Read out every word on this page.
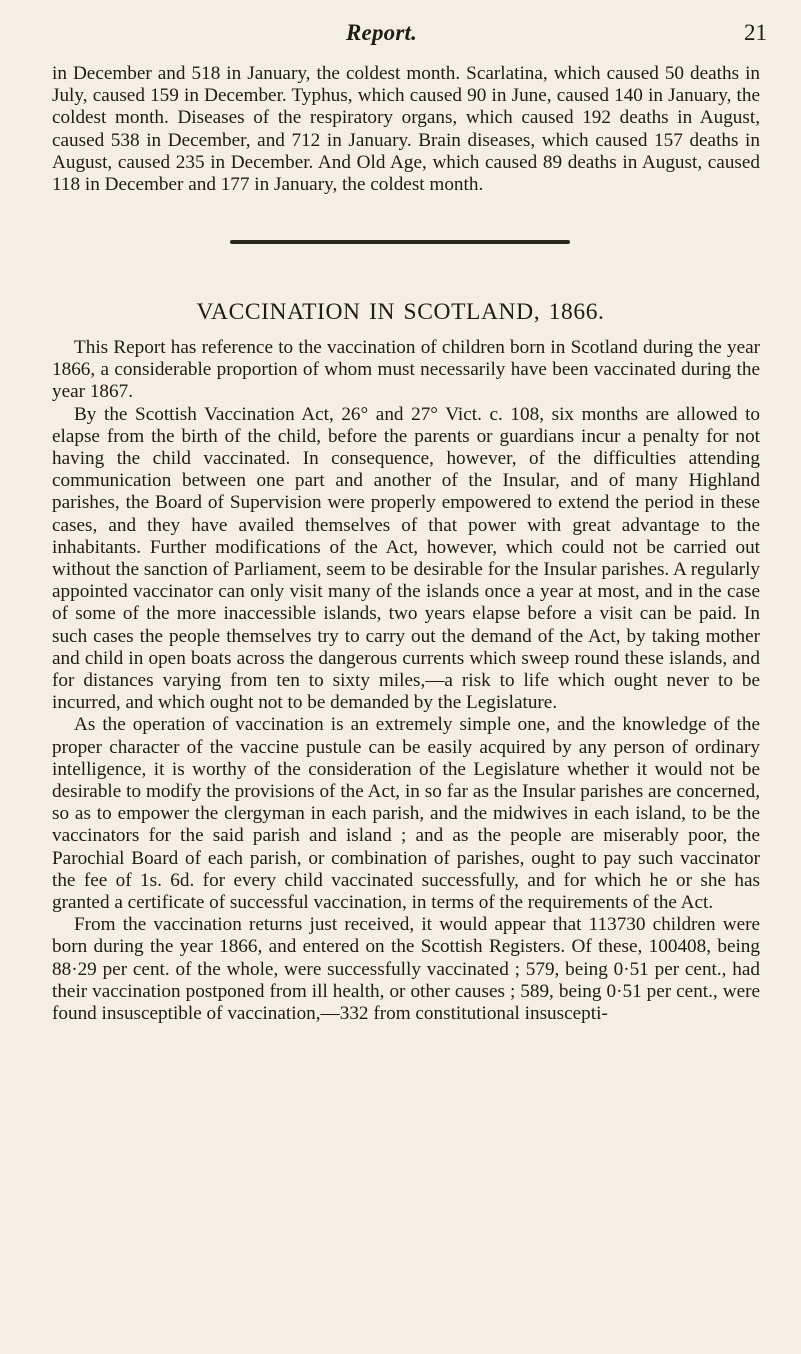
Report.	21

in December and 518 in January, the coldest month. Scarlatina, which caused 50 deaths in July, caused 159 in December. Typhus, which caused 90 in June, caused 140 in January, the coldest month. Diseases of the respiratory organs, which caused 192 deaths in August, caused 538 in December, and 712 in January. Brain diseases, which caused 157 deaths in August, caused 235 in December. And Old Age, which caused 89 deaths in August, caused 118 in December and 177 in January, the coldest month.

VACCINATION IN SCOTLAND, 1866.

This Report has reference to the vaccination of children born in Scotland during the year 1866, a considerable proportion of whom must necessarily have been vaccinated during the year 1867.

By the Scottish Vaccination Act, 26° and 27° Vict. c. 108, six months are allowed to elapse from the birth of the child, before the parents or guardians incur a penalty for not having the child vaccinated. In consequence, however, of the difficulties attending communication between one part and another of the Insular, and of many Highland parishes, the Board of Supervision were properly empowered to extend the period in these cases, and they have availed themselves of that power with great advantage to the inhabitants. Further modifications of the Act, however, which could not be carried out without the sanction of Parliament, seem to be desirable for the Insular parishes. A regularly appointed vaccinator can only visit many of the islands once a year at most, and in the case of some of the more inaccessible islands, two years elapse before a visit can be paid. In such cases the people themselves try to carry out the demand of the Act, by taking mother and child in open boats across the dangerous currents which sweep round these islands, and for distances varying from ten to sixty miles,—a risk to life which ought never to be incurred, and which ought not to be demanded by the Legislature.

As the operation of vaccination is an extremely simple one, and the knowledge of the proper character of the vaccine pustule can be easily acquired by any person of ordinary intelligence, it is worthy of the consideration of the Legislature whether it would not be desirable to modify the provisions of the Act, in so far as the Insular parishes are concerned, so as to empower the clergyman in each parish, and the midwives in each island, to be the vaccinators for the said parish and island ; and as the people are miserably poor, the Parochial Board of each parish, or combination of parishes, ought to pay such vaccinator the fee of 1s. 6d. for every child vaccinated successfully, and for which he or she has granted a certificate of successful vaccination, in terms of the requirements of the Act.

From the vaccination returns just received, it would appear that 113730 children were born during the year 1866, and entered on the Scottish Registers. Of these, 100408, being 88·29 per cent. of the whole, were successfully vaccinated ; 579, being 0·51 per cent., had their vaccination postponed from ill health, or other causes ; 589, being 0·51 per cent., were found insusceptible of vaccination,—332 from constitutional insuscepti-
